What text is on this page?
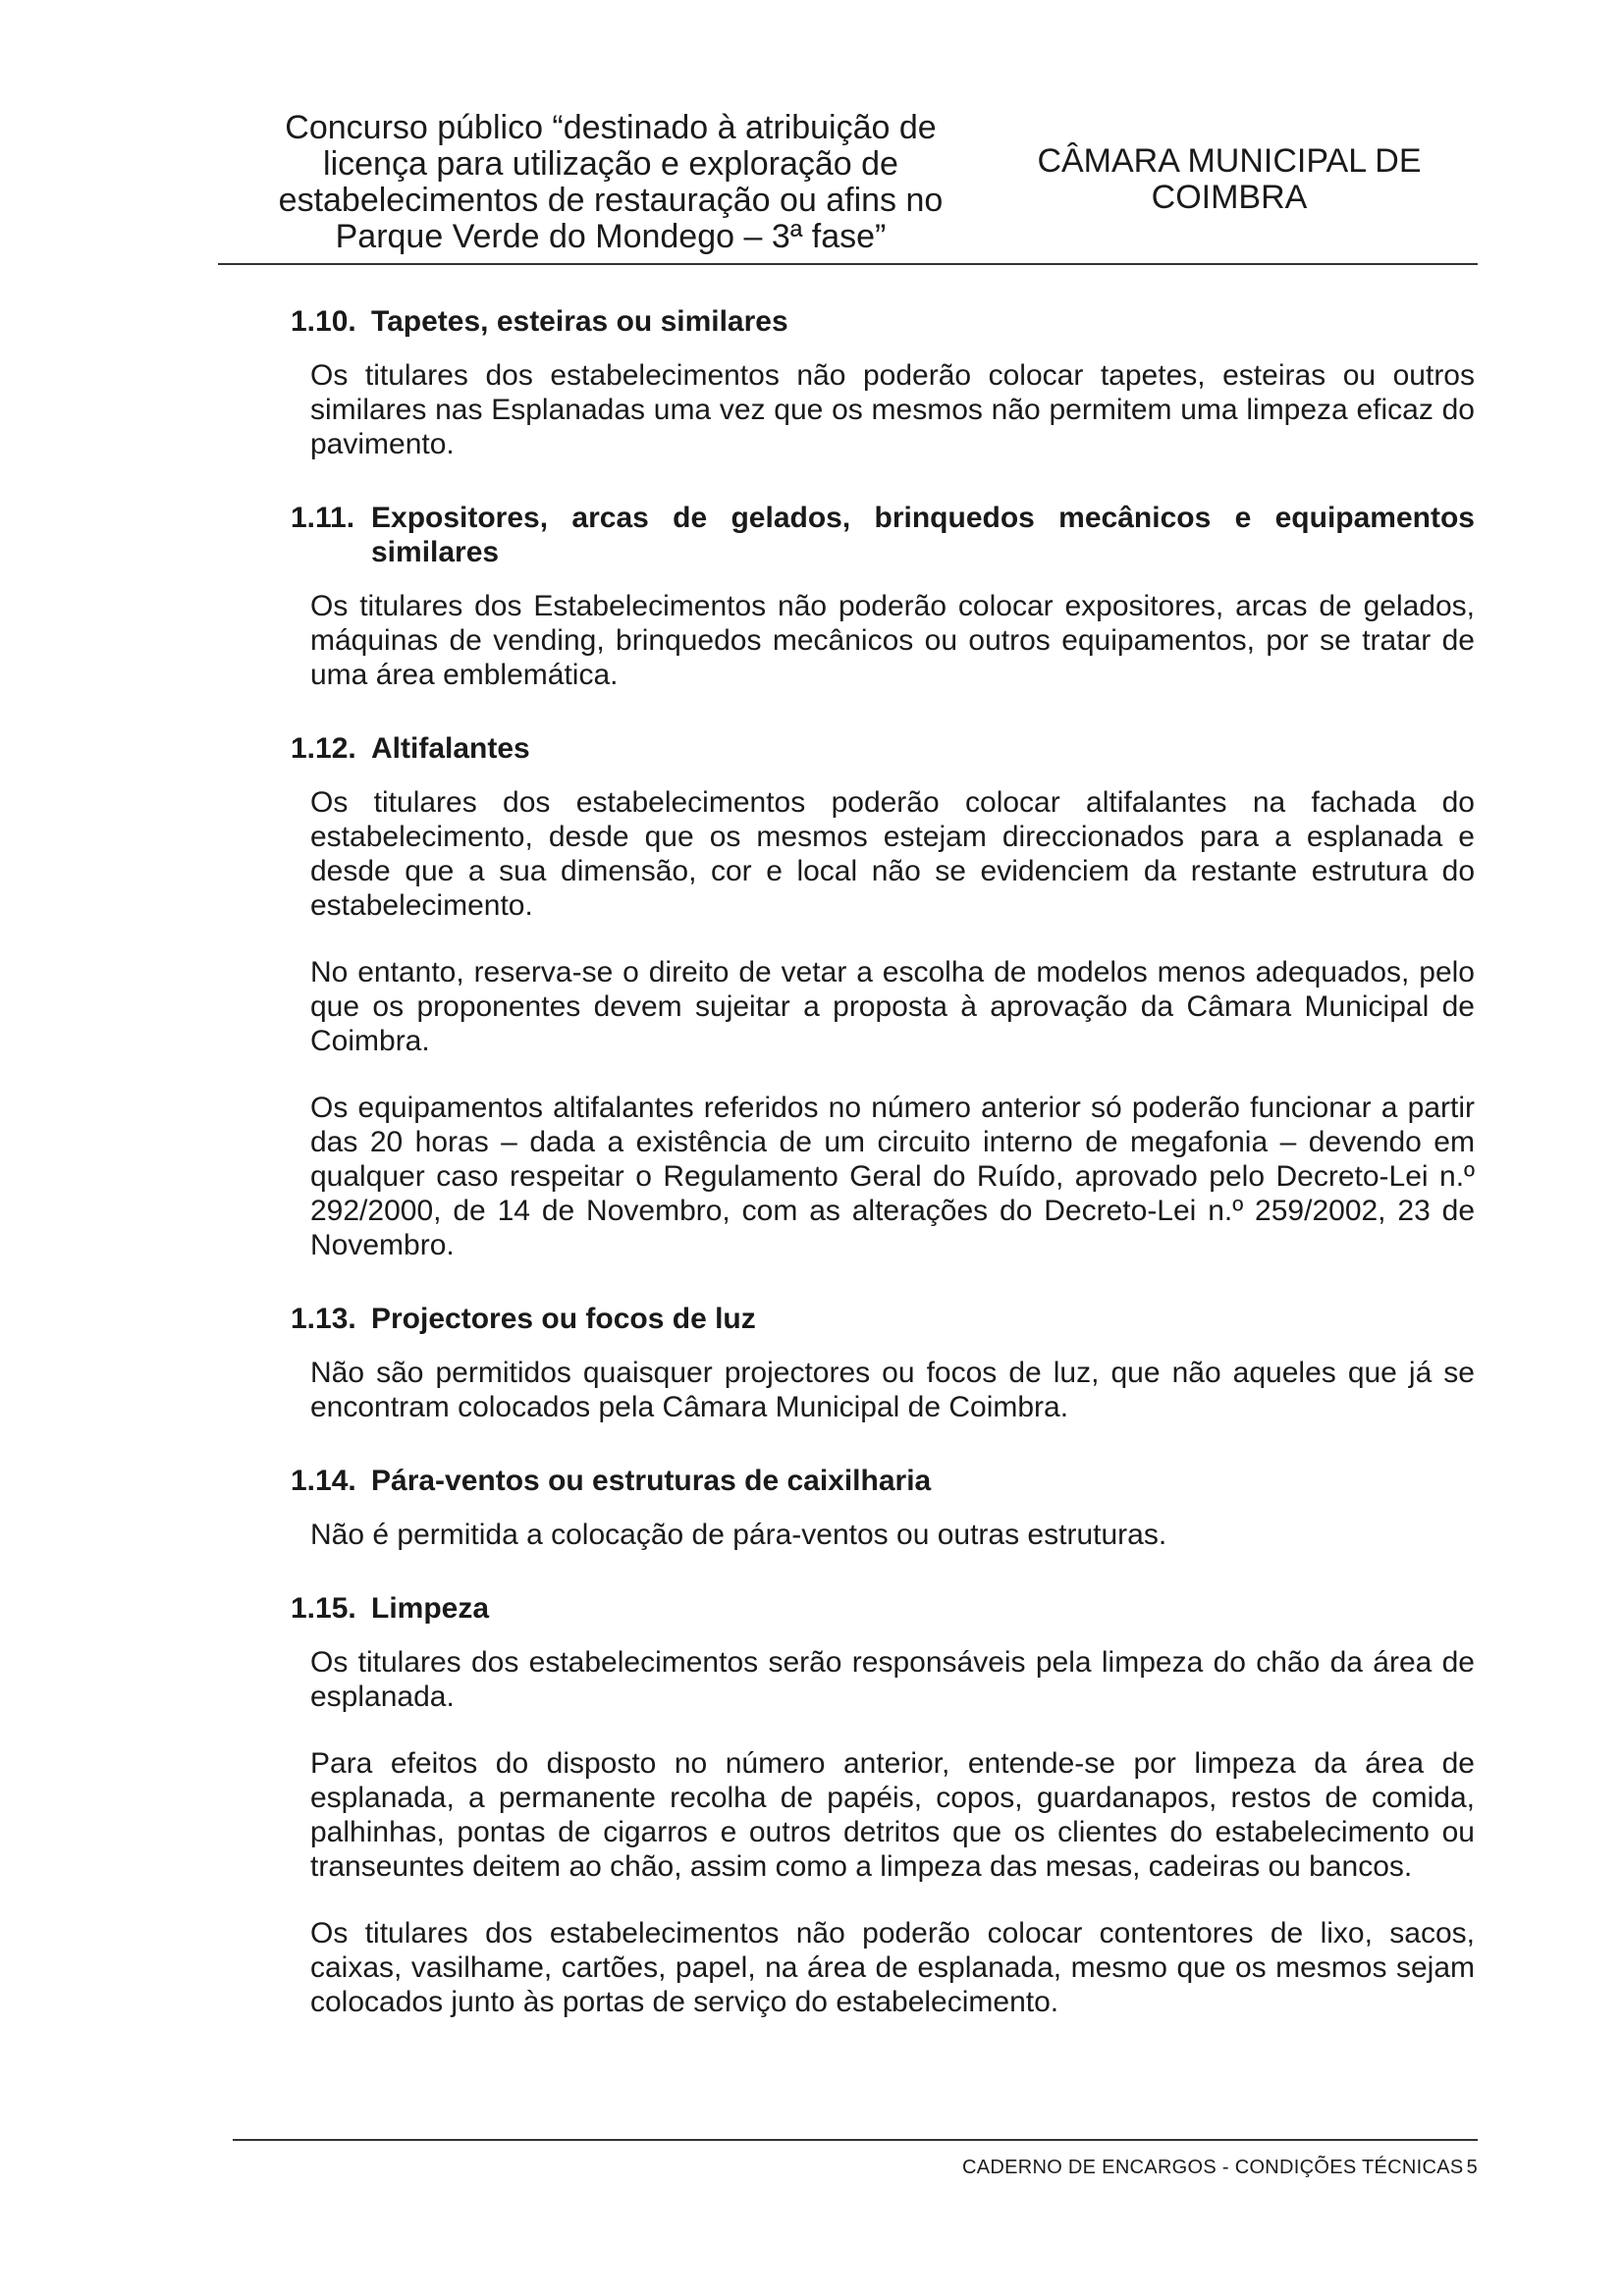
Concurso público “destinado à atribuição de
licença para utilização e exploração de
estabelecimentos de restauração ou afins no
Parque Verde do Mondego – 3ª fase”
CÂMARA MUNICIPAL DE
COIMBRA
1.10. Tapetes, esteiras ou similares

Os titulares dos estabelecimentos não poderão colocar tapetes, esteiras ou outros similares nas Esplanadas uma vez que os mesmos não permitem uma limpeza eficaz do pavimento.

1.11. Expositores, arcas de gelados, brinquedos mecânicos e equipamentos similares

Os titulares dos Estabelecimentos não poderão colocar expositores, arcas de gelados, máquinas de vending, brinquedos mecânicos ou outros equipamentos, por se tratar de uma área emblemática.

1.12. Altifalantes

Os titulares dos estabelecimentos poderão colocar altifalantes na fachada do estabelecimento, desde que os mesmos estejam direccionados para a esplanada e desde que a sua dimensão, cor e local não se evidenciem da restante estrutura do estabelecimento.

No entanto, reserva-se o direito de vetar a escolha de modelos menos adequados, pelo que os proponentes devem sujeitar a proposta à aprovação da Câmara Municipal de Coimbra.

Os equipamentos altifalantes referidos no número anterior só poderão funcionar a partir das 20 horas – dada a existência de um circuito interno de megafonia – devendo em qualquer caso respeitar o Regulamento Geral do Ruído, aprovado pelo Decreto-Lei n.º 292/2000, de 14 de Novembro, com as alterações do Decreto-Lei n.º 259/2002, 23 de Novembro.

1.13. Projectores ou focos de luz

Não são permitidos quaisquer projectores ou focos de luz, que não aqueles que já se encontram colocados pela Câmara Municipal de Coimbra.

1.14. Pára-ventos ou estruturas de caixilharia

Não é permitida a colocação de pára-ventos ou outras estruturas.

1.15. Limpeza

Os titulares dos estabelecimentos serão responsáveis pela limpeza do chão da área de esplanada.

Para efeitos do disposto no número anterior, entende-se por limpeza da área de esplanada, a permanente recolha de papéis, copos, guardanapos, restos de comida, palhinhas, pontas de cigarros e outros detritos que os clientes do estabelecimento ou transeuntes deitem ao chão, assim como a limpeza das mesas, cadeiras ou bancos.

Os titulares dos estabelecimentos não poderão colocar contentores de lixo, sacos, caixas, vasilhame, cartões, papel, na área de esplanada, mesmo que os mesmos sejam colocados junto às portas de serviço do estabelecimento.

CADERNO DE ENCARGOS - CONDIÇÕES TÉCNICAS 5
